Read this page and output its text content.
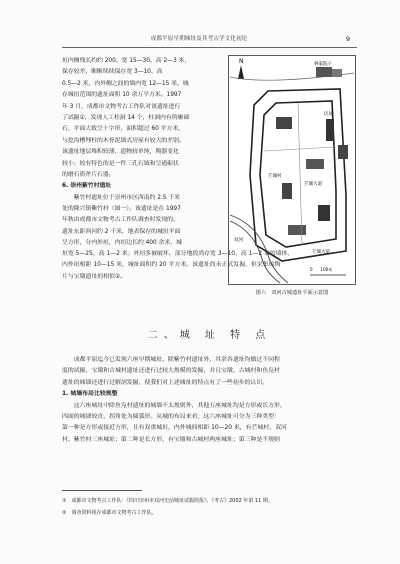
成都平原早期城址及其考古学文化初论	9
垣内侧残长约约 200、宽 15—30、高 2—3 米，
保存较差，断断续续保存宽 3—10、高
0.5—2 米，内外侧之间的墙内宽 12—15 米，城
存城垣范围的遗址面积 10 余万平方米。1997
年 3 月，成都市文物考古工作队对该遗址进行
了试掘①，发现人工柱洞 14 个，柱洞内有的砸础
石，平面大致呈十字形，面积超过 60 平方米，
与挖沟槽埋柱的木骨泥墙式房屋有较大的差别。
该遗址地层堆积较薄，遗物较单纯，陶器变化
较小；较有特色的是一件三孔石钺和呈通砺状
的磨石质斧片石器。
6. 崇州紫竹村遗址
　　紫竹村遗址位于崇州市区西南约 2.5 千米
处的隆兴镇紫竹村（图一）。该遗址是在 1997
年秋由成都市文物考古工作队调查时发现的。
遗址东距西河约 2 千米，地表保存的城垣平面
呈方形，分内外垣，内垣边长约 400 余米，城
N	林家院子
双河
芒城大道
芒城大道
芒城村
民居
0　　100米
图六　双河古城遗址平面示意图
垣宽 5—25、高 1—2 米；外垣多被破坏，部分地段尚存宽 3—10、高 1—2 米的墙体，
内外垣相距 10—15 米，城址面积约 20 平方米。该遗址尚未正式发掘，但采集的陶
片与宝墩遗址的相似②。
二、城 址 特 点
　　成都平原迄今已发现六座早期城址，除紫竹村遗址外，其余各遗址均做过不同程
度的试掘，宝墩和古城村遗址还进行过较大规模的发掘，并且宝墩、古城村和鱼凫村
遗址的城墙还进行过解剖发掘，使我们对上述城址的特点有了一些初步的认识。
1. 城墙布局比较规整
　　这六座城址中除鱼凫村遗址的城墙不太规则外，其他五座城址均是方形或长方形，
四面的城墙较直，拐角处为圆弧形。从城的布局来看，这六座城址可分为三种类型：
第一种是方形或接近方形，且有双重城垣，内外城间相距 10—20 米，有芒城村、双河
村、紫竹村三座城址；第二种是长方形，有宝墩和古城村两座城址；第三种是不规则
①　成都市文物考古工作队：《四川崇州市双河史前城址试掘简报》，《考古》2002 年第 11 期。
②　调查资料现存成都市文物考古工作队。
